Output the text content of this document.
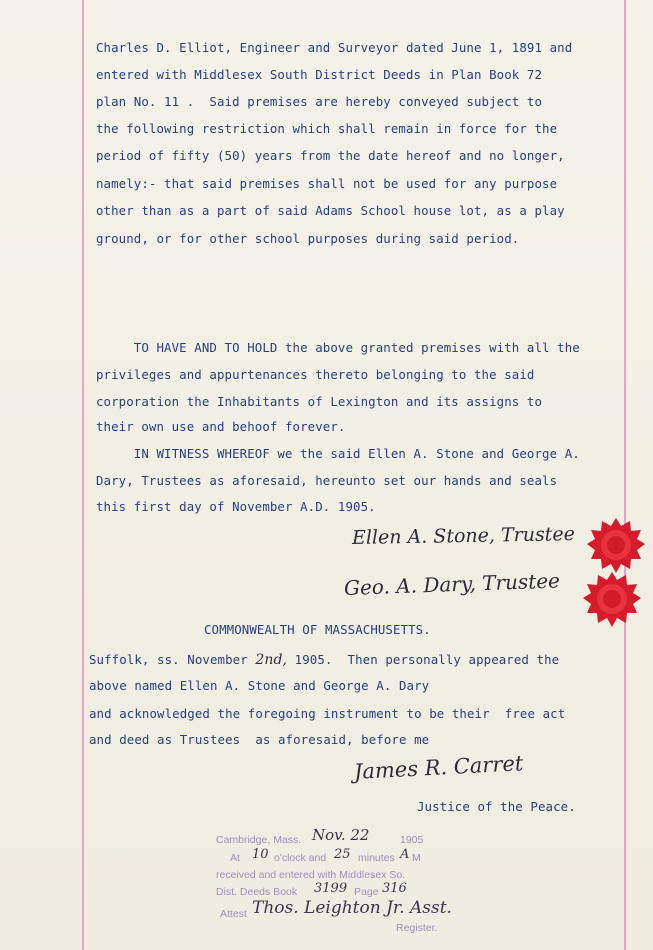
Charles D. Elliot, Engineer and Surveyor dated June 1, 1891 and
entered with Middlesex South District Deeds in Plan Book 72
plan No. 11 .  Said premises are hereby conveyed subject to
the following restriction which shall remain in force for the
period of fifty (50) years from the date hereof and no longer,
namely:- that said premises shall not be used for any purpose
other than as a part of said Adams School house lot, as a play
ground, or for other school purposes during said period.
TO HAVE AND TO HOLD the above granted premises with all the
privileges and appurtenances thereto belonging to the said
corporation the Inhabitants of Lexington and its assigns to
their own use and behoof forever.
IN WITNESS WHEREOF we the said Ellen A. Stone and George A.
Dary, Trustees as aforesaid, hereunto set our hands and seals
this first day of November A.D. 1905.
Ellen A. Stone, Trustee
Geo. A. Dary, Trustee
COMMONWEALTH OF MASSACHUSETTS.
Suffolk, ss. November 2nd, 1905.  Then personally appeared the
above named Ellen A. Stone and George A. Dary
and acknowledged the foregoing instrument to be their  free act
and deed as Trustees  as aforesaid, before me
James R. Carret
Justice of the Peace.
Cambridge, Mass. Nov. 22	1905
At 10 o'clock and 25 minutes A M
received and entered with Middlesex So.
Dist. Deeds Book 3199 Page 316
Attest Thos. Leighton Jr. Asst.
Register.
